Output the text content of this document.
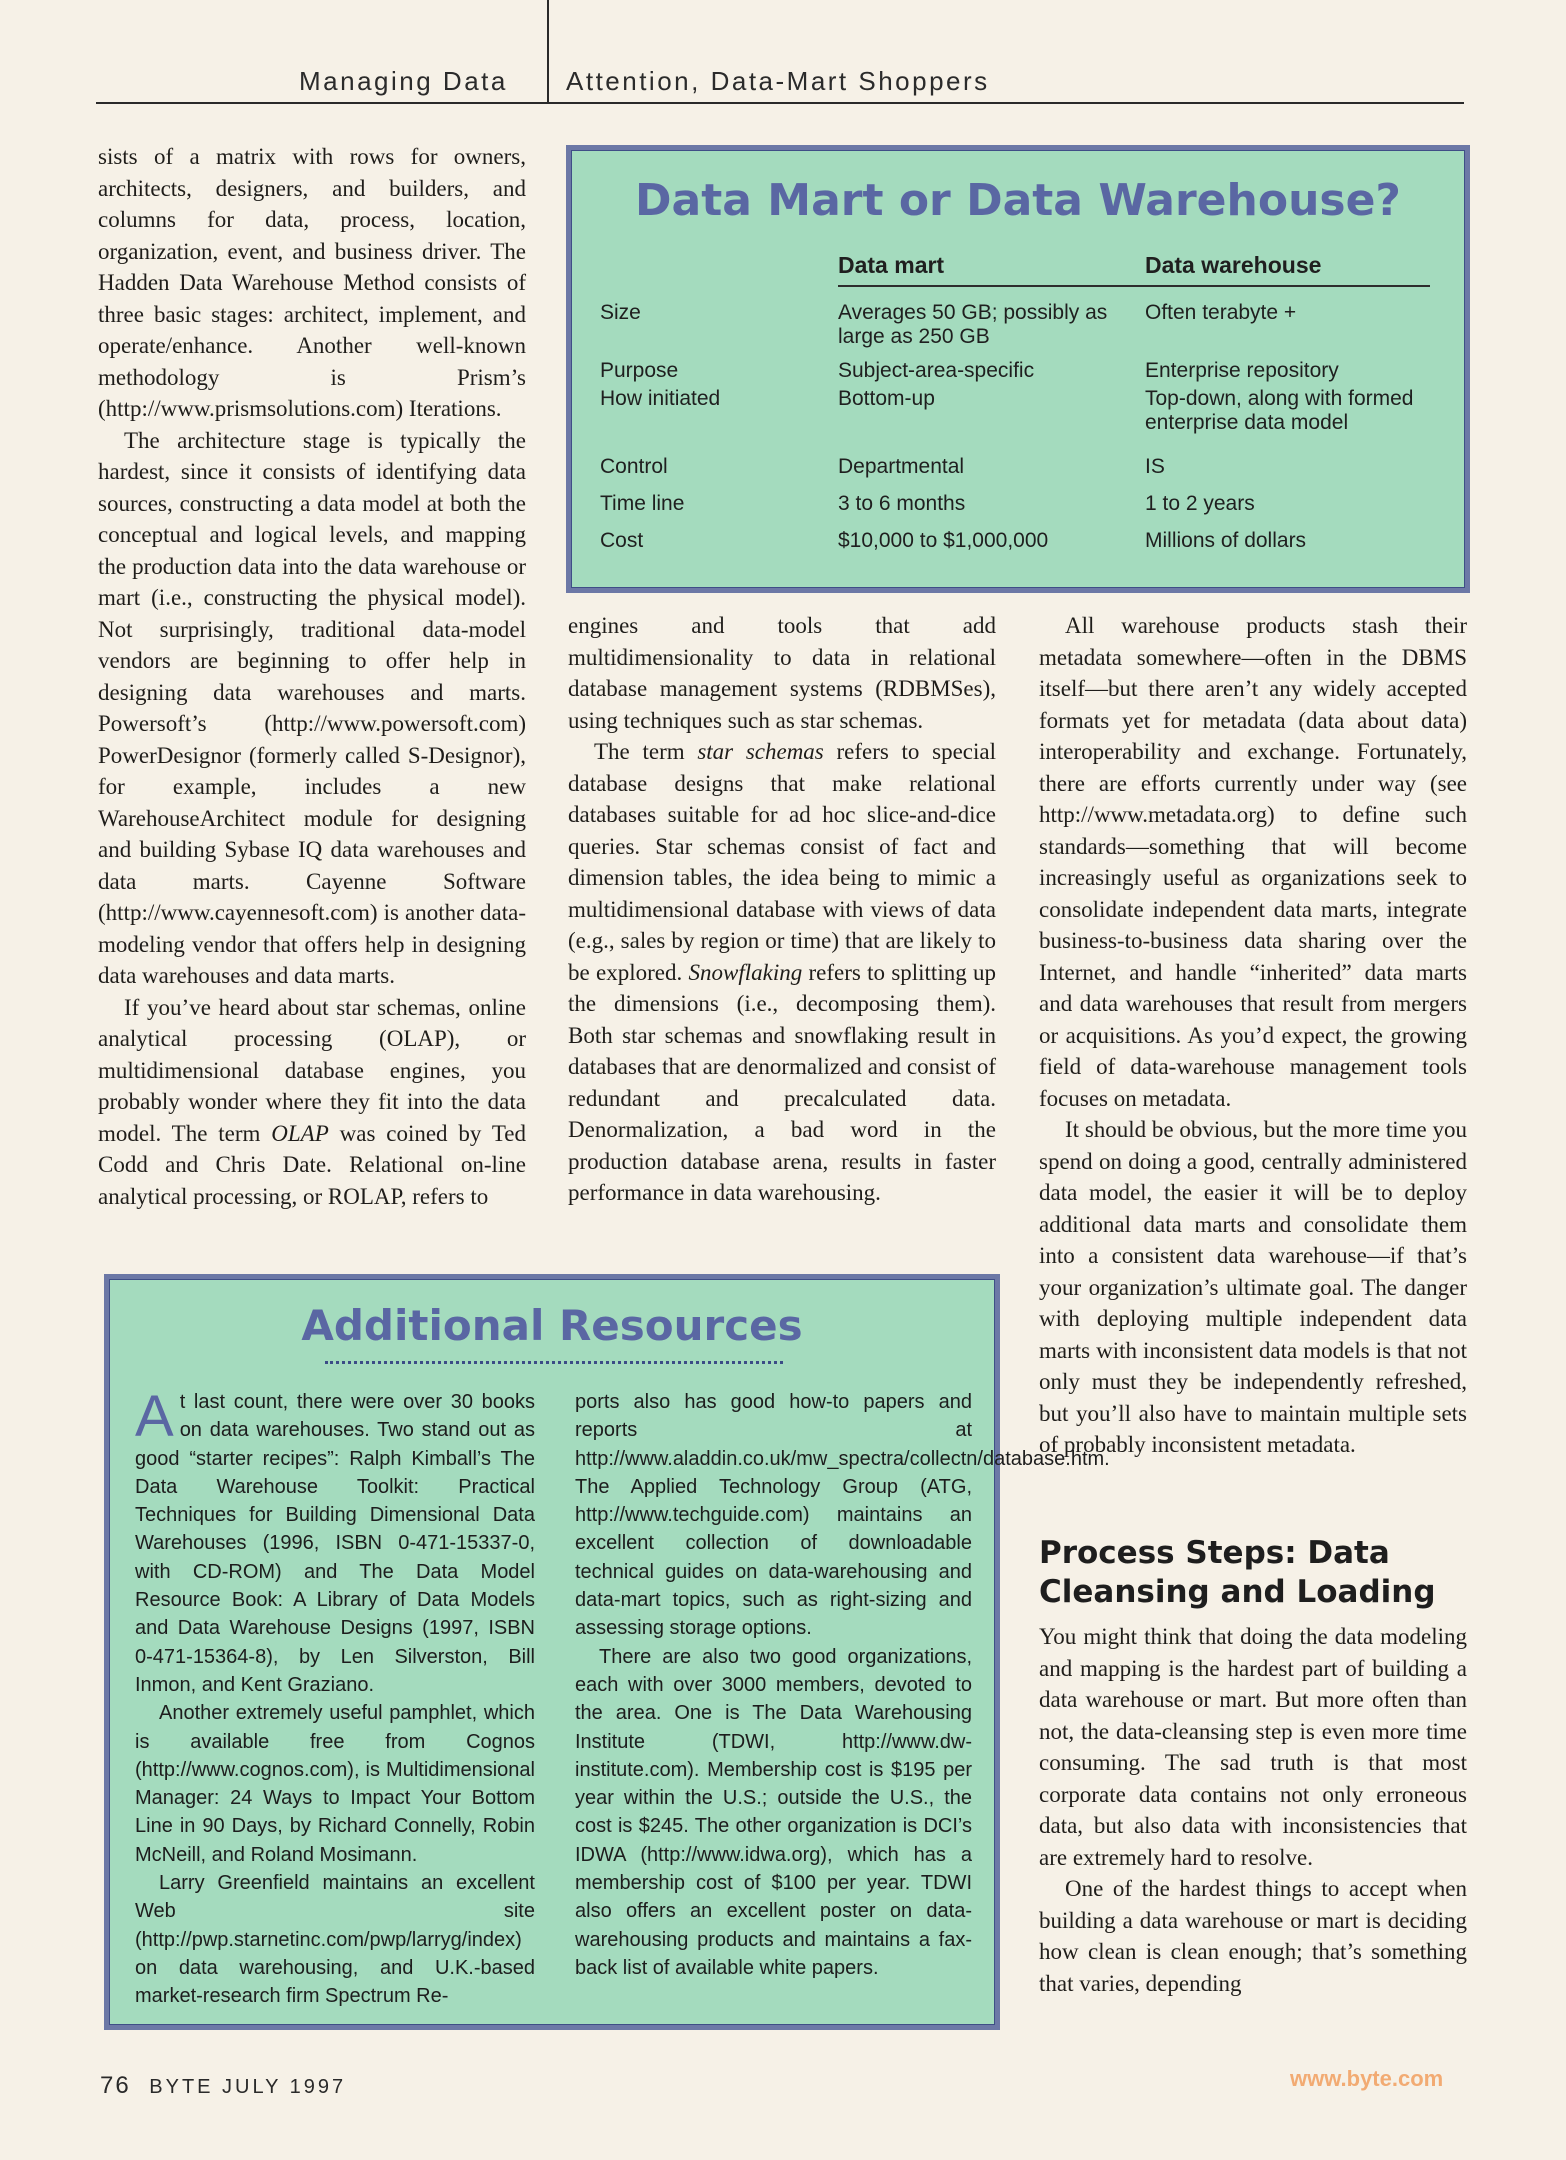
Managing Data Attention, Data-Mart Shoppers

sists of a matrix with rows for owners, architects, designers, and builders, and columns for data, process, location, organization, event, and business driver. The Hadden Data Warehouse Method consists of three basic stages: architect, implement, and operate/enhance. Another well-known methodology is Prism’s (http://www.prismsolutions.com) Iterations.

The architecture stage is typically the hardest, since it consists of identifying data sources, constructing a data model at both the conceptual and logical levels, and mapping the production data into the data warehouse or mart (i.e., constructing the physical model). Not surprisingly, traditional data-model vendors are beginning to offer help in designing data warehouses and marts. Powersoft’s (http://www.powersoft.com) PowerDesignor (formerly called S-Designor), for example, includes a new WarehouseArchitect module for designing and building Sybase IQ data warehouses and data marts. Cayenne Software (http://www.cayennesoft.com) is another data-modeling vendor that offers help in designing data warehouses and data marts.

If you’ve heard about star schemas, online analytical processing (OLAP), or multidimensional database engines, you probably wonder where they fit into the data model. The term OLAP was coined by Ted Codd and Chris Date. Relational on-line analytical processing, or ROLAP, refers to

Data Mart or Data Warehouse?
	Data mart	Data warehouse

Size	Averages 50 GB; possibly as large as 250 GB	Often terabyte +
Purpose	Subject-area-specific	Enterprise repository
How initiated	Bottom-up	Top-down, along with formed enterprise data model
Control	Departmental	IS
Time line	3 to 6 months	1 to 2 years
Cost	$10,000 to $1,000,000	Millions of dollars

engines and tools that add multidimensionality to data in relational database management systems (RDBMSes), using techniques such as star schemas.

The term star schemas refers to special database designs that make relational databases suitable for ad hoc slice-and-dice queries. Star schemas consist of fact and dimension tables, the idea being to mimic a multidimensional database with views of data (e.g., sales by region or time) that are likely to be explored. Snowflaking refers to splitting up the dimensions (i.e., decomposing them). Both star schemas and snowflaking result in databases that are denormalized and consist of redundant and precalculated data. Denormalization, a bad word in the production database arena, results in faster performance in data warehousing.

All warehouse products stash their metadata somewhere—often in the DBMS itself—but there aren’t any widely accepted formats yet for metadata (data about data) interoperability and exchange. Fortunately, there are efforts currently under way (see http://www.metadata.org) to define such standards—something that will become increasingly useful as organizations seek to consolidate independent data marts, integrate business-to-business data sharing over the Internet, and handle “inherited” data marts and data warehouses that result from mergers or acquisitions. As you’d expect, the growing field of data-warehouse management tools focuses on metadata.

It should be obvious, but the more time you spend on doing a good, centrally administered data model, the easier it will be to deploy additional data marts and consolidate them into a consistent data warehouse—if that’s your organization’s ultimate goal. The danger with deploying multiple independent data marts with inconsistent data models is that not only must they be independently refreshed, but you’ll also have to maintain multiple sets of probably inconsistent metadata.

Process Steps: Data Cleansing and Loading

You might think that doing the data modeling and mapping is the hardest part of building a data warehouse or mart. But more often than not, the data-cleansing step is even more time consuming. The sad truth is that most corporate data contains not only erroneous data, but also data with inconsistencies that are extremely hard to resolve.

One of the hardest things to accept when building a data warehouse or mart is deciding how clean is clean enough; that’s something that varies, depending

Additional Resources

At last count, there were over 30 books on data warehouses. Two stand out as good “starter recipes”: Ralph Kimball’s The Data Warehouse Toolkit: Practical Techniques for Building Dimensional Data Warehouses (1996, ISBN 0-471-15337-0, with CD-ROM) and The Data Model Resource Book: A Library of Data Models and Data Warehouse Designs (1997, ISBN 0-471-15364-8), by Len Silverston, Bill Inmon, and Kent Graziano.

Another extremely useful pamphlet, which is available free from Cognos (http://www.cognos.com), is Multidimensional Manager: 24 Ways to Impact Your Bottom Line in 90 Days, by Richard Connelly, Robin McNeill, and Roland Mosimann.

Larry Greenfield maintains an excellent Web site (http://pwp.starnetinc.com/pwp/larryg/index) on data warehousing, and U.K.-based market-research firm Spectrum Re-

ports also has good how-to papers and reports at http://www.aladdin.co.uk/mw_spectra/collectn/database.htm. The Applied Technology Group (ATG, http://www.techguide.com) maintains an excellent collection of downloadable technical guides on data-warehousing and data-mart topics, such as right-sizing and assessing storage options.

There are also two good organizations, each with over 3000 members, devoted to the area. One is The Data Warehousing Institute (TDWI, http://www.dw-institute.com). Membership cost is $195 per year within the U.S.; outside the U.S., the cost is $245. The other organization is DCI’s IDWA (http://www.idwa.org), which has a membership cost of $100 per year. TDWI also offers an excellent poster on data-warehousing products and maintains a fax-back list of available white papers.

76 BYTE JULY 1997	www.byte.com
